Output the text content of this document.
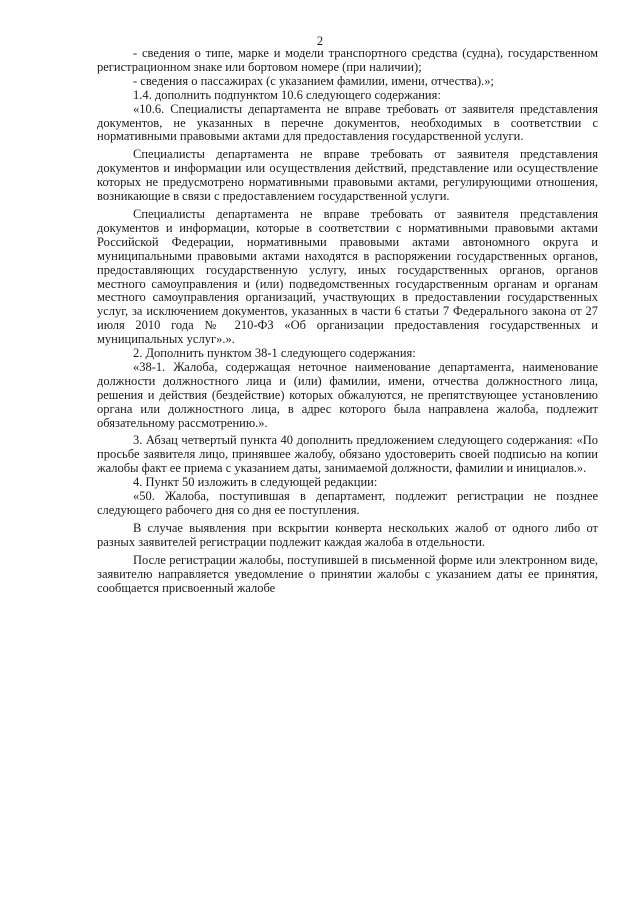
2

- сведения о типе, марке и модели транспортного средства (судна), государственном регистрационном знаке или бортовом номере (при наличии);

- сведения о пассажирах (с указанием фамилии, имени, отчества).»;

1.4. дополнить подпунктом 10.6 следующего содержания:

«10.6. Специалисты департамента не вправе требовать от заявителя представления документов, не указанных в перечне документов, необходимых в соответствии с нормативными правовыми актами для предоставления государственной услуги.

Специалисты департамента не вправе требовать от заявителя представления документов и информации или осуществления действий, представление или осуществление которых не предусмотрено нормативными правовыми актами, регулирующими отношения, возникающие в связи с предоставлением государственной услуги.

Специалисты департамента не вправе требовать от заявителя представления документов и информации, которые в соответствии с нормативными правовыми актами Российской Федерации, нормативными правовыми актами автономного округа и муниципальными правовыми актами находятся в распоряжении государственных органов, предоставляющих государственную услугу, иных государственных органов, органов местного самоуправления и (или) подведомственных государственным органам и органам местного самоуправления организаций, участвующих в предоставлении государственных услуг, за исключением документов, указанных в части 6 статьи 7 Федерального закона от 27 июля 2010 года № 210-ФЗ «Об организации предоставления государственных и муниципальных услуг».».

2. Дополнить пунктом 38-1 следующего содержания:

«38-1. Жалоба, содержащая неточное наименование департамента, наименование должности должностного лица и (или) фамилии, имени, отчества должностного лица, решения и действия (бездействие) которых обжалуются, не препятствующее установлению органа или должностного лица, в адрес которого была направлена жалоба, подлежит обязательному рассмотрению.».

3. Абзац четвертый пункта 40 дополнить предложением следующего содержания: «По просьбе заявителя лицо, принявшее жалобу, обязано удостоверить своей подписью на копии жалобы факт ее приема с указанием даты, занимаемой должности, фамилии и инициалов.».

4. Пункт 50 изложить в следующей редакции:

«50. Жалоба, поступившая в департамент, подлежит регистрации не позднее следующего рабочего дня со дня ее поступления.

В случае выявления при вскрытии конверта нескольких жалоб от одного либо от разных заявителей регистрации подлежит каждая жалоба в отдельности.

После регистрации жалобы, поступившей в письменной форме или электронном виде, заявителю направляется уведомление о принятии жалобы с указанием даты ее принятия, сообщается присвоенный жалобе
